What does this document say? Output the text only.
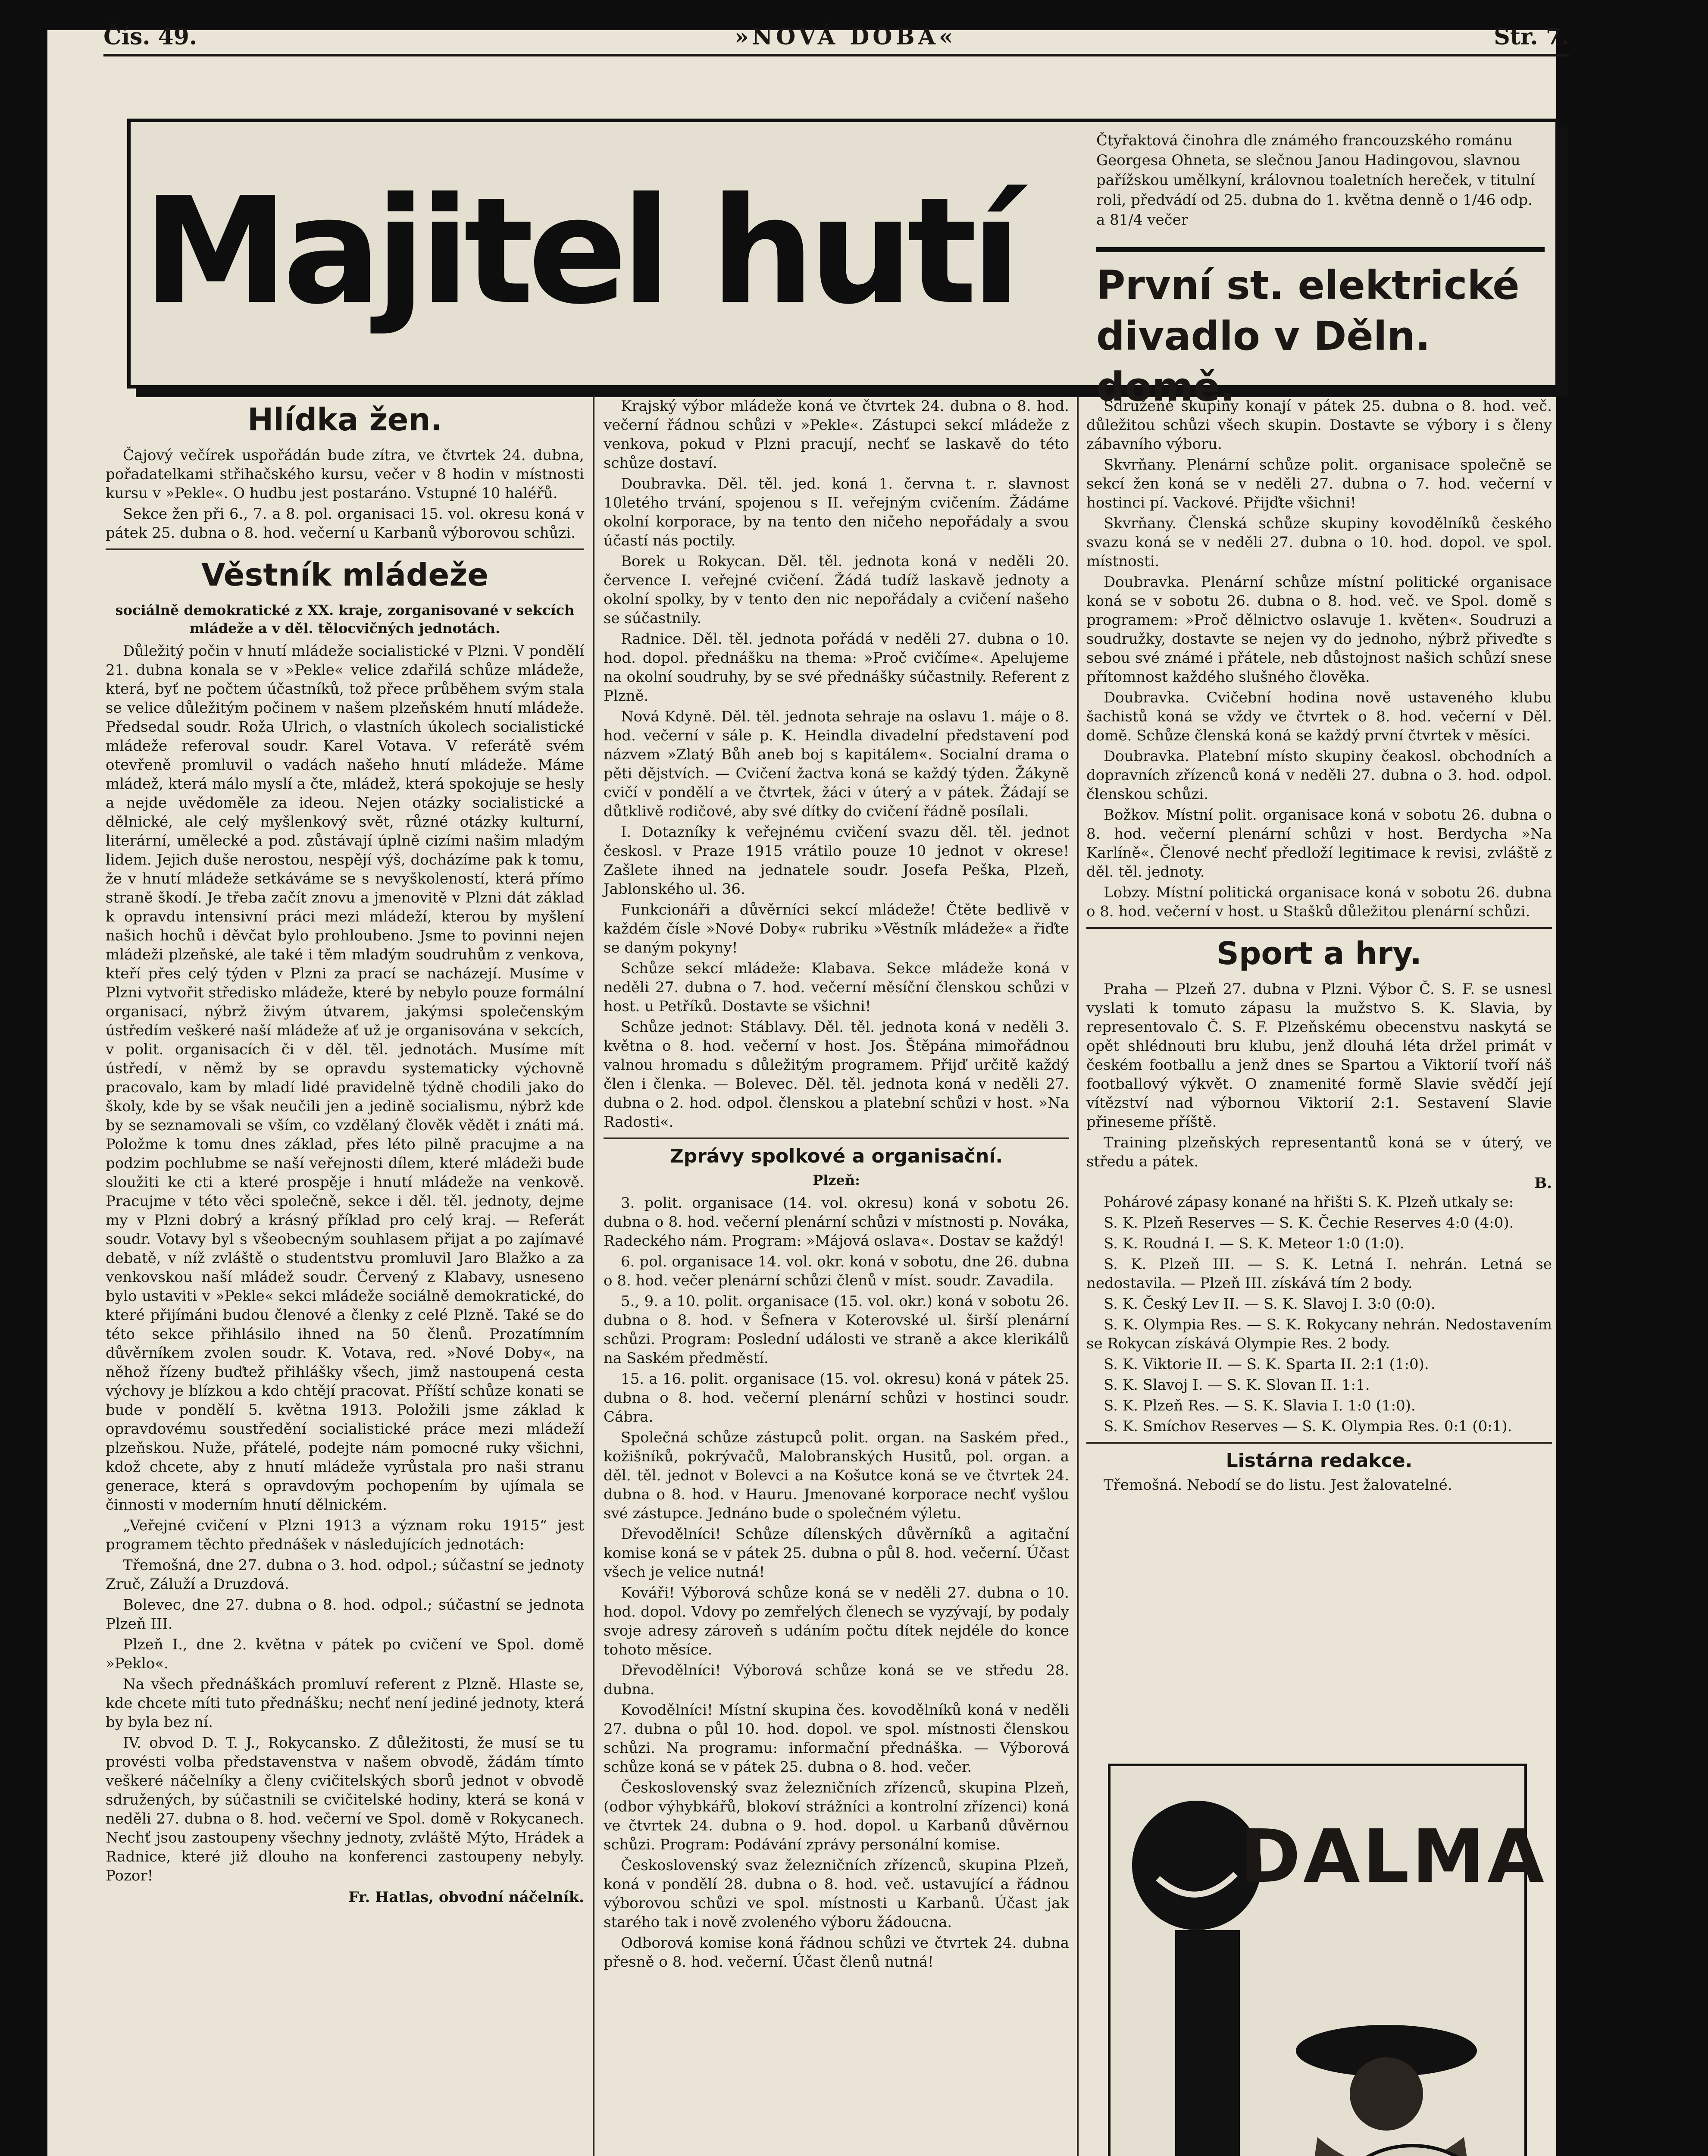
Čís. 49.	»NOVÁ DOBA«	Str. 7.
Majitel hutí
Čtyřaktová činohra dle známého francouzského románu Georgesa Ohneta, se slečnou Janou Hadingovou, slavnou pařížskou umělkyní, královnou toaletních hereček, v titulní roli, předvádí od 25. dubna do 1. května denně o 1/46 odp. a 81/4 večer
První st. elektrické divadlo v Děln. domě.
Hlídka žen.

Čajový večírek uspořádán bude zítra, ve čtvrtek 24. dubna, pořadatelkami střihačského kursu, večer v 8 hodin v místnosti kursu v »Pekle«. O hudbu jest postaráno. Vstupné 10 haléřů.

Sekce žen při 6., 7. a 8. pol. organisaci 15. vol. okresu koná v pátek 25. dubna o 8. hod. večerní u Karbanů výborovou schůzi.

Věstník mládeže
sociálně demokratické z XX. kraje, zorganisované v sekcích mládeže a v děl. tělocvičných jednotách.

Důležitý počin v hnutí mládeže socialistické v Plzni. V pondělí 21. dubna konala se v »Pekle« velice zdařilá schůze mládeže, která, byť ne počtem účastníků, tož přece průběhem svým stala se velice důležitým počinem v našem plzeňském hnutí mládeže. Předsedal soudr. Roža Ulrich, o vlastních úkolech socialistické mládeže referoval soudr. Karel Votava. V referátě svém otevřeně promluvil o vadách našeho hnutí mládeže. Máme mládež, která málo myslí a čte, mládež, která spokojuje se hesly a nejde uvědoměle za ideou. Nejen otázky socialistické a dělnické, ale celý myšlenkový svět, různé otázky kulturní, literární, umělecké a pod. zůstávají úplně cizími našim mladým lidem. Jejich duše nerostou, nespějí výš, docházíme pak k tomu, že v hnutí mládeže setkáváme se s nevyškoleností, která přímo straně škodí. Je třeba začít znovu a jmenovitě v Plzni dát základ k opravdu intensivní práci mezi mládeží, kterou by myšlení našich hochů i děvčat bylo prohloubeno. Jsme to povinni nejen mládeži plzeňské, ale také i těm mladým soudruhům z venkova, kteří přes celý týden v Plzni za prací se nacházejí. Musíme v Plzni vytvořit středisko mládeže, které by nebylo pouze formální organisací, nýbrž živým útvarem, jakýmsi společenským ústředím veškeré naší mládeže ať už je organisována v sekcích, v polit. organisacích či v děl. těl. jednotách. Musíme mít ústředí, v němž by se opravdu systematicky výchovně pracovalo, kam by mladí lidé pravidelně týdně chodili jako do školy, kde by se však neučili jen a jedině socialismu, nýbrž kde by se seznamovali se vším, co vzdělaný člověk vědět i znáti má. Položme k tomu dnes základ, přes léto pilně pracujme a na podzim pochlubme se naší veřejnosti dílem, které mládeži bude sloužiti ke cti a které prospěje i hnutí mládeže na venkově. Pracujme v této věci společně, sekce i děl. těl. jednoty, dejme my v Plzni dobrý a krásný příklad pro celý kraj. — Referát soudr. Votavy byl s všeobecným souhlasem přijat a po zajímavé debatě, v níž zvláště o studentstvu promluvil Jaro Blažko a za venkovskou naší mládež soudr. Červený z Klabavy, usneseno bylo ustaviti v »Pekle« sekci mládeže sociálně demokratické, do které přijímáni budou členové a členky z celé Plzně. Také se do této sekce přihlásilo ihned na 50 členů. Prozatímním důvěrníkem zvolen soudr. K. Votava, red. »Nové Doby«, na něhož řízeny buďtež přihlášky všech, jimž nastoupená cesta výchovy je blízkou a kdo chtějí pracovat. Příští schůze konati se bude v pondělí 5. května 1913. Položili jsme základ k opravdovému soustředění socialistické práce mezi mládeží plzeňskou. Nuže, přátelé, podejte nám pomocné ruky všichni, kdož chcete, aby z hnutí mládeže vyrůstala pro naši stranu generace, která s opravdovým pochopením by ujímala se činnosti v moderním hnutí dělnickém.

„Veřejné cvičení v Plzni 1913 a význam roku 1915“ jest programem těchto přednášek v následujících jednotách:

Třemošná, dne 27. dubna o 3. hod. odpol.; súčastní se jednoty Zruč, Záluží a Druzdová.

Bolevec, dne 27. dubna o 8. hod. odpol.; súčastní se jednota Plzeň III.

Plzeň I., dne 2. května v pátek po cvičení ve Spol. domě »Peklo«.

Na všech přednáškách promluví referent z Plzně. Hlaste se, kde chcete míti tuto přednášku; nechť není jediné jednoty, která by byla bez ní.

IV. obvod D. T. J., Rokycansko. Z důležitosti, že musí se tu provésti volba představenstva v našem obvodě, žádám tímto veškeré náčelníky a členy cvičitelských sborů jednot v obvodě sdružených, by súčastnili se cvičitelské hodiny, která se koná v neděli 27. dubna o 8. hod. večerní ve Spol. domě v Rokycanech. Nechť jsou zastoupeny všechny jednoty, zvláště Mýto, Hrádek a Radnice, které již dlouho na konferenci zastoupeny nebyly. Pozor!

Fr. Hatlas, obvodní náčelník.

Krajský výbor mládeže koná ve čtvrtek 24. dubna o 8. hod. večerní řádnou schůzi v »Pekle«. Zástupci sekcí mládeže z venkova, pokud v Plzni pracují, nechť se laskavě do této schůze dostaví.

Doubravka. Děl. těl. jed. koná 1. června t. r. slavnost 10letého trvání, spojenou s II. veřejným cvičením. Žádáme okolní korporace, by na tento den ničeho nepořádaly a svou účastí nás poctily.

Borek u Rokycan. Děl. těl. jednota koná v neděli 20. července I. veřejné cvičení. Žádá tudíž laskavě jednoty a okolní spolky, by v tento den nic nepořádaly a cvičení našeho se súčastnily.

Radnice. Děl. těl. jednota pořádá v neděli 27. dubna o 10. hod. dopol. přednášku na thema: »Proč cvičíme«. Apelujeme na okolní soudruhy, by se své přednášky súčastnily. Referent z Plzně.

Nová Kdyně. Děl. těl. jednota sehraje na oslavu 1. máje o 8. hod. večerní v sále p. K. Heindla divadelní představení pod názvem »Zlatý Bůh aneb boj s kapitálem«. Socialní drama o pěti dějstvích. — Cvičení žactva koná se každý týden. Žákyně cvičí v pondělí a ve čtvrtek, žáci v úterý a v pátek. Žádají se důtklivě rodičové, aby své dítky do cvičení řádně posílali.

I. Dotazníky k veřejnému cvičení svazu děl. těl. jednot českosl. v Praze 1915 vrátilo pouze 10 jednot v okrese! Zašlete ihned na jednatele soudr. Josefa Peška, Plzeň, Jablonského ul. 36.

Funkcionáři a důvěrníci sekcí mládeže! Čtěte bedlivě v každém čísle »Nové Doby« rubriku »Věstník mládeže« a řiďte se daným pokyny!

Schůze sekcí mládeže: Klabava. Sekce mládeže koná v neděli 27. dubna o 7. hod. večerní měsíční členskou schůzi v host. u Petříků. Dostavte se všichni!

Schůze jednot: Stáblavy. Děl. těl. jednota koná v neděli 3. května o 8. hod. večerní v host. Jos. Štěpána mimořádnou valnou hromadu s důležitým programem. Přijď určitě každý člen i členka. — Bolevec. Děl. těl. jednota koná v neděli 27. dubna o 2. hod. odpol. členskou a platební schůzi v host. »Na Radosti«.

Zprávy spolkové a organisační.
Plzeň:

3. polit. organisace (14. vol. okresu) koná v sobotu 26. dubna o 8. hod. večerní plenární schůzi v místnosti p. Nováka, Radeckého nám. Program: »Májová oslava«. Dostav se každý!

6. pol. organisace 14. vol. okr. koná v sobotu, dne 26. dubna o 8. hod. večer plenární schůzi členů v míst. soudr. Zavadila.

5., 9. a 10. polit. organisace (15. vol. okr.) koná v sobotu 26. dubna o 8. hod. v Šefnera v Koterovské ul. širší plenární schůzi. Program: Poslední události ve straně a akce klerikálů na Saském předměstí.

15. a 16. polit. organisace (15. vol. okresu) koná v pátek 25. dubna o 8. hod. večerní plenární schůzi v hostinci soudr. Cábra.

Společná schůze zástupců polit. organ. na Saském před., kožišníků, pokrývačů, Malobranských Husitů, pol. organ. a děl. těl. jednot v Bolevci a na Košutce koná se ve čtvrtek 24. dubna o 8. hod. v Hauru. Jmenované korporace nechť vyšlou své zástupce. Jednáno bude o společném výletu.

Dřevodělníci! Schůze dílenských důvěrníků a agitační komise koná se v pátek 25. dubna o půl 8. hod. večerní. Účast všech je velice nutná!

Kováři! Výborová schůze koná se v neděli 27. dubna o 10. hod. dopol. Vdovy po zemřelých členech se vyzývají, by podaly svoje adresy zároveň s udáním počtu dítek nejdéle do konce tohoto měsíce.

Dřevodělníci! Výborová schůze koná se ve středu 28. dubna.

Kovodělníci! Místní skupina čes. kovodělníků koná v neděli 27. dubna o půl 10. hod. dopol. ve spol. místnosti členskou schůzi. Na programu: informační přednáška. — Výborová schůze koná se v pátek 25. dubna o 8. hod. večer.

Československý svaz železničních zřízenců, skupina Plzeň, (odbor výhybkářů, blokoví strážníci a kontrolní zřízenci) koná ve čtvrtek 24. dubna o 9. hod. dopol. u Karbanů důvěrnou schůzi. Program: Podávání zprávy personální komise.

Československý svaz železničních zřízenců, skupina Plzeň, koná v pondělí 28. dubna o 8. hod. več. ustavující a řádnou výborovou schůzi ve spol. místnosti u Karbanů. Účast jak starého tak i nově zvoleného výboru žádoucna.

Odborová komise koná řádnou schůzi ve čtvrtek 24. dubna přesně o 8. hod. večerní. Účast členů nutná!

Sdružené skupiny konají v pátek 25. dubna o 8. hod. več. důležitou schůzi všech skupin. Dostavte se výbory i s členy zábavního výboru.

Skvrňany. Plenární schůze polit. organisace společně se sekcí žen koná se v neděli 27. dubna o 7. hod. večerní v hostinci pí. Vackové. Přijďte všichni!

Skvrňany. Členská schůze skupiny kovodělníků českého svazu koná se v neděli 27. dubna o 10. hod. dopol. ve spol. místnosti.

Doubravka. Plenární schůze místní politické organisace koná se v sobotu 26. dubna o 8. hod. več. ve Spol. domě s programem: »Proč dělnictvo oslavuje 1. květen«. Soudruzi a soudružky, dostavte se nejen vy do jednoho, nýbrž přiveďte s sebou své známé i přátele, neb důstojnost našich schůzí snese přítomnost každého slušného člověka.

Doubravka. Cvičební hodina nově ustaveného klubu šachistů koná se vždy ve čtvrtek o 8. hod. večerní v Děl. domě. Schůze členská koná se každý první čtvrtek v měsíci.

Doubravka. Platební místo skupiny čeakosl. obchodních a dopravních zřízenců koná v neděli 27. dubna o 3. hod. odpol. členskou schůzi.

Božkov. Místní polit. organisace koná v sobotu 26. dubna o 8. hod. večerní plenární schůzi v host. Berdycha »Na Karlíně«. Členové nechť předloží legitimace k revisi, zvláště z děl. těl. jednoty.

Lobzy. Místní politická organisace koná v sobotu 26. dubna o 8. hod. večerní v host. u Stašků důležitou plenární schůzi.

Sport a hry.

Praha — Plzeň 27. dubna v Plzni. Výbor Č. S. F. se usnesl vyslati k tomuto zápasu la mužstvo S. K. Slavia, by representovalo Č. S. F. Plzeňskému obecenstvu naskytá se opět shlédnouti bru klubu, jenž dlouhá léta držel primát v českém footballu a jenž dnes se Spartou a Viktorií tvoří náš footballový výkvět. O znamenité formě Slavie svědčí její vítězství nad výbornou Viktorií 2:1. Sestavení Slavie přineseme příště.

Training plzeňských representantů koná se v úterý, ve středu a pátek.

B.

Pohárové zápasy konané na hřišti S. K. Plzeň utkaly se:

S. K. Plzeň Reserves — S. K. Čechie Reserves 4:0 (4:0).

S. K. Roudná I. — S. K. Meteor 1:0 (1:0).

S. K. Plzeň III. — S. K. Letná I. nehrán. Letná se nedostavila. — Plzeň III. získává tím 2 body.

S. K. Český Lev II. — S. K. Slavoj I. 3:0 (0:0).

S. K. Olympia Res. — S. K. Rokycany nehrán. Nedostavením se Rokycan získává Olympie Res. 2 body.

S. K. Viktorie II. — S. K. Sparta II. 2:1 (1:0).

S. K. Slavoj I. — S. K. Slovan II. 1:1.

S. K. Plzeň Res. — S. K. Slavia I. 1:0 (1:0).

S. K. Smíchov Reserves — S. K. Olympia Res. 0:1 (0:1).

Listárna redakce.

Třemošná. Nebodí se do listu. Jest žalovatelné.

DALMA
